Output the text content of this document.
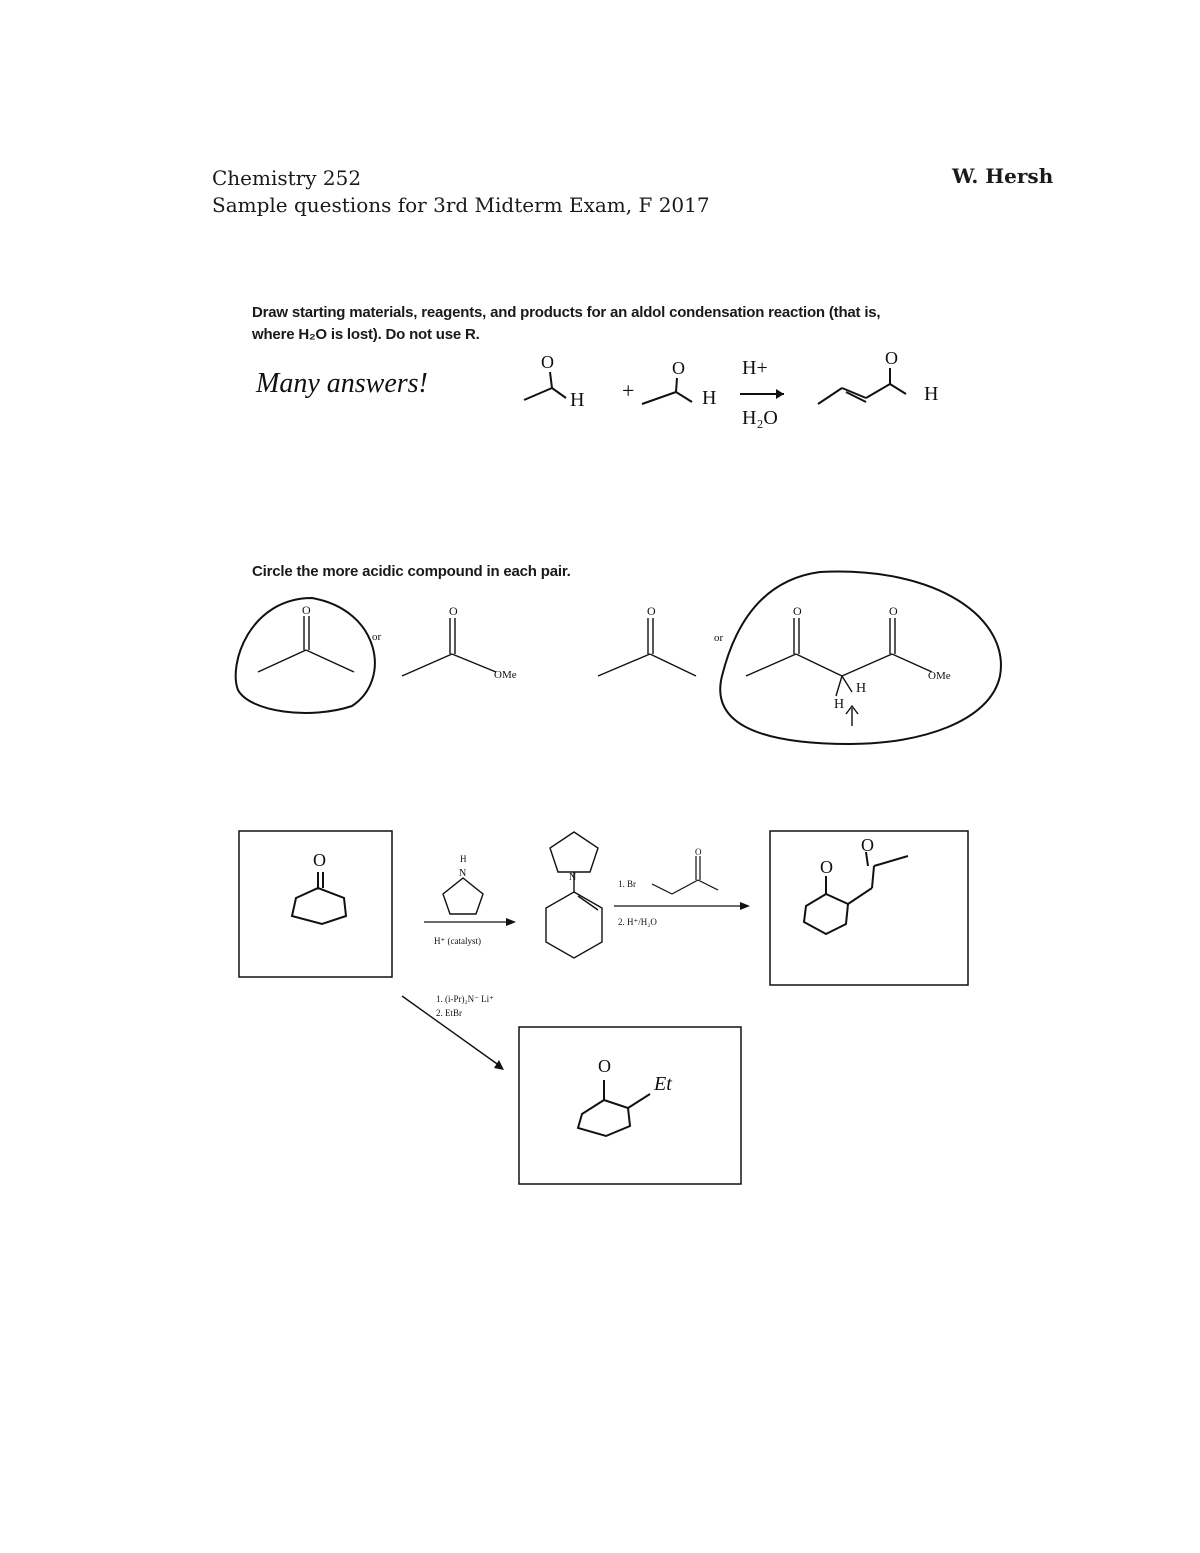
Chemistry 252
Sample questions for 3rd Midterm Exam, F 2017
W. Hersh
Draw starting materials, reagents, and products for an aldol condensation reaction (that is,
where H₂O is lost). Do not use R.
Many answers!
O
H +
O
H
H+
H₂O
O
H
Circle the more acidic compound in each pair.
O
or
O
OMe
O
or
O	O
OMe
H
H
O
N
H
H⁺ (catalyst)
N
O
1. Br
2. H⁺/H₂O
O
O
1. (i-Pr)₂N⁻ Li⁺
2. EtBr
O
Et
